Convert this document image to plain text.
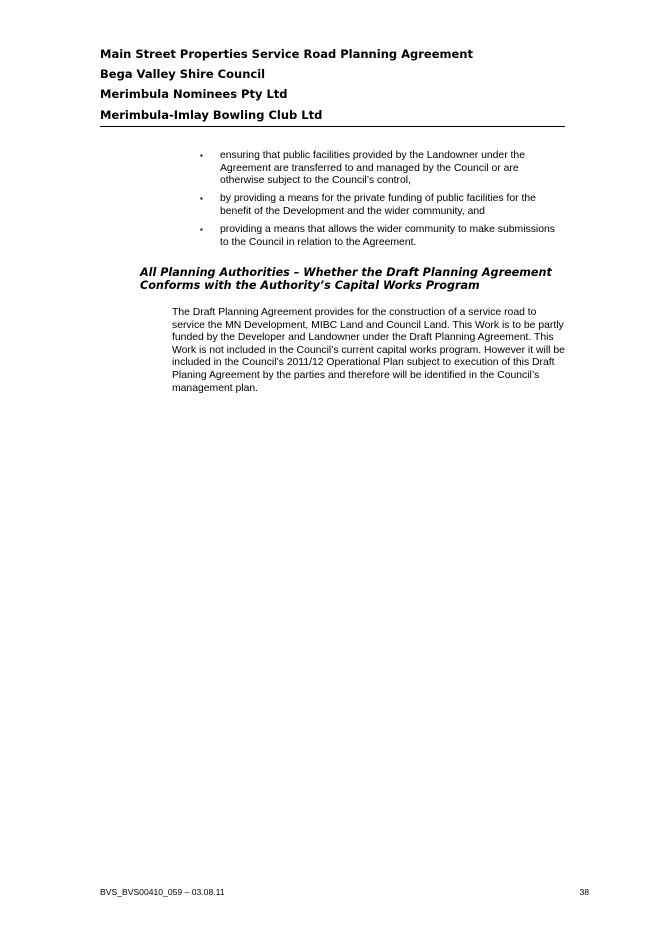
Main Street Properties Service Road Planning Agreement
Bega Valley Shire Council
Merimbula Nominees Pty Ltd
Merimbula-Imlay Bowling Club Ltd
▪ ensuring that public facilities provided by the Landowner under the Agreement are transferred to and managed by the Council or are otherwise subject to the Council’s control,
▪ by providing a means for the private funding of public facilities for the benefit of the Development and the wider community, and
▪ providing a means that allows the wider community to make submissions to the Council in relation to the Agreement.
All Planning Authorities – Whether the Draft Planning Agreement Conforms with the Authority’s Capital Works Program
The Draft Planning Agreement provides for the construction of a service road to service the MN Development, MIBC Land and Council Land. This Work is to be partly funded by the Developer and Landowner under the Draft Planning Agreement. This Work is not included in the Council’s current capital works program. However it will be included in the Council’s 2011/12 Operational Plan subject to execution of this Draft Planing Agreement by the parties and therefore will be identified in the Council’s management plan.
BVS_BVS00410_059 – 03.08.11	38
